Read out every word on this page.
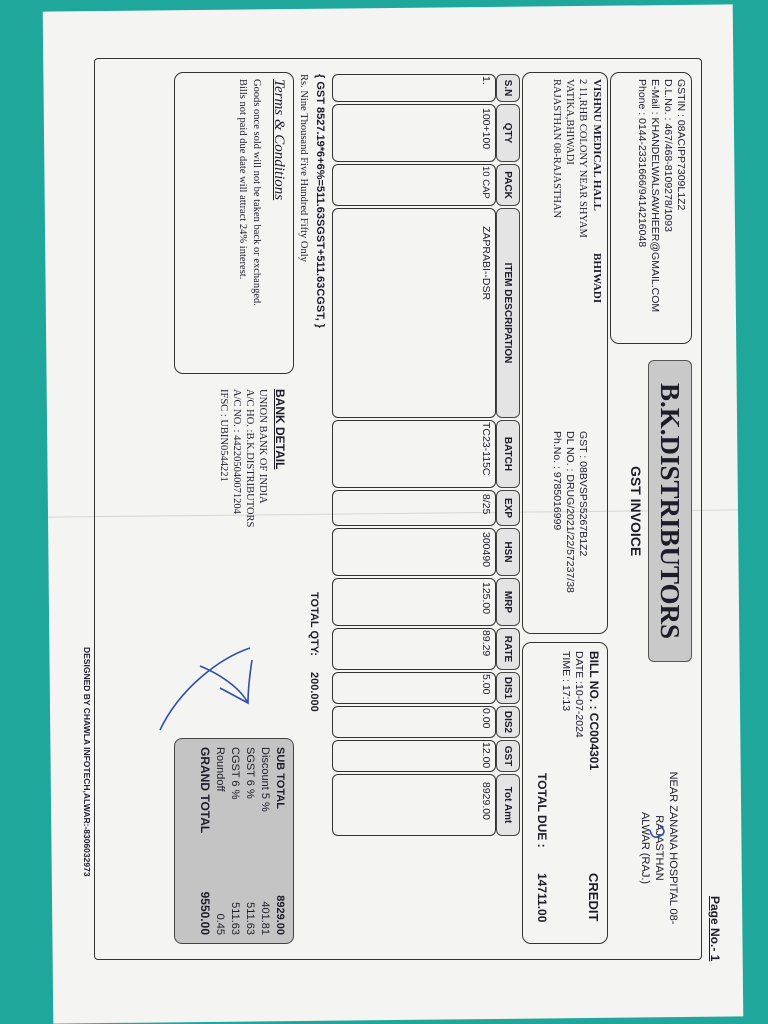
Page No.- 1
GSTIN : 08ACIPP7309L1Z2
D.L.No. : 467/468-8109278/1093
E-Mail : KHANDELWALSAWHEER@GMAIL.COM
Phone : 0144-2331666/9414216048
B.K.DISTRIBUTORS
GST INVOICE
NEAR ZANANA HOSPITAL 08-
RAJASTHAN
ALWAR (RAJ.)
VISHNU MEDICAL HALL
BHIWADI
2 11,RHB COLONY NEAR SHYAM
VATIKA,BHIWADI
RAJASTHAN 08-RAJASTHAN
GST : 08BVSPS5267B1Z2
DL NO. : DRUG/2021/22/57237/38
Ph.No. : 9785016999
BILL NO. : CC004301
CREDIT
DATE :10-07-2024
TIME : 17:13
TOTAL DUE :
14711.00
S.N
QTY
PACK
ITEM DESCRIPATION
BATCH
EXP
HSN
MRP
RATE
DIS1
DIS2
GST
Tot Amt
1.
100+100
10 CAP
ZAPRABI--DSR
TC23-115C
8/25
300490
125.00
89.29
5.00
0.00
12.00
8929.00
{ GST 8527.19*6+6%=511.63SGST+511.63CGST, }
Rs. Nine Thousand Five Hundred Fifty Only
Terms & Conditions
Goods once sold will not be taken back or exchanged.
Bills not paid due date will attract 24% interest.
BANK DETAIL
UNION BANK OF INDIA
A/C HO. :B.K.DISTRIBUTORS
A/C NO. : 442205040071204
IFSC : UBIN0544221
TOTAL QTY:
200.000
SUB TOTAL
Discount 5 %
SGST 6 %
CGST 6 %
Roundoff
GRAND TOTAL
8929.00
401.81
511.63
511.63
0.45
9550.00
DESIGNED BY CHAWLA INFOTECH,ALWAR:-8306032973
